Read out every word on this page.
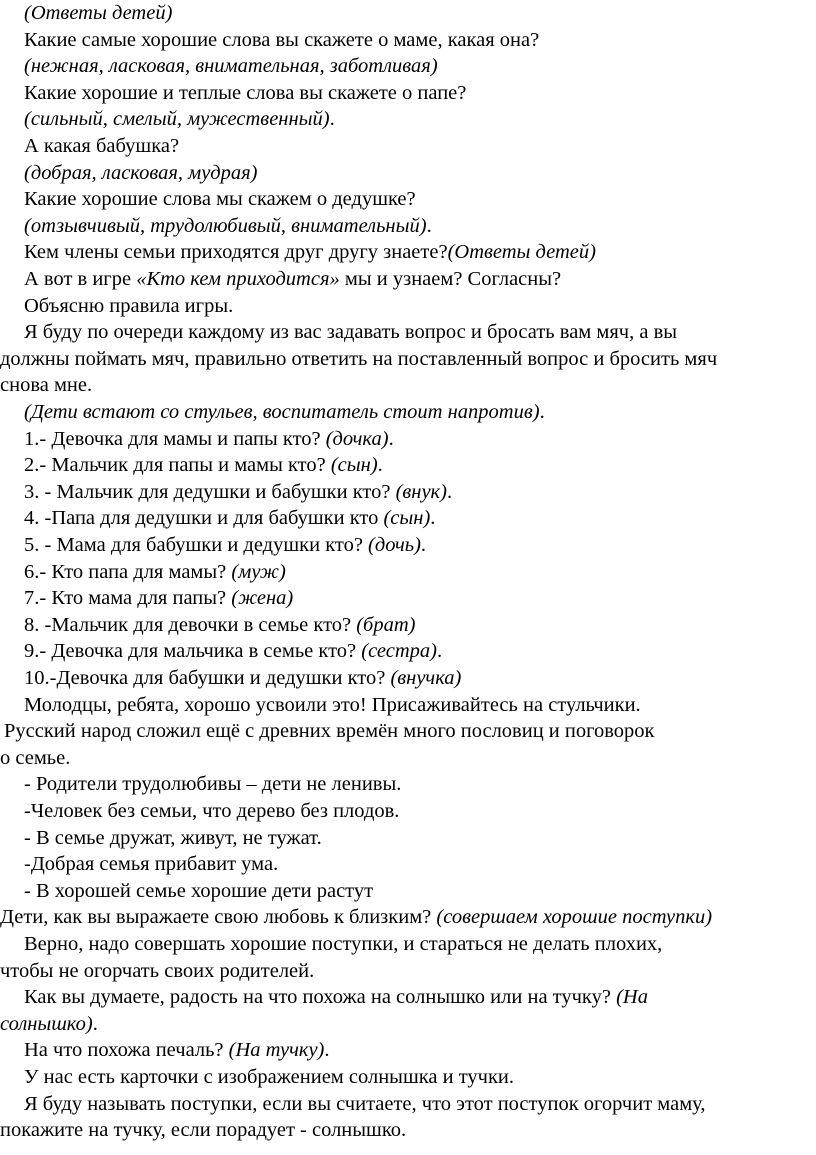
(Ответы детей)
Какие самые хорошие слова вы скажете о маме, какая она?
(нежная, ласковая, внимательная, заботливая)
Какие хорошие и теплые слова вы скажете о папе?
(сильный, смелый, мужественный).
А какая бабушка?
(добрая, ласковая, мудрая)
Какие хорошие слова мы скажем о дедушке?
(отзывчивый, трудолюбивый, внимательный).
Кем члены семьи приходятся друг другу знаете?(Ответы детей)
А вот в игре «Кто кем приходится» мы и узнаем? Согласны?
Объясню правила игры.
Я буду по очереди каждому из вас задавать вопрос и бросать вам мяч, а вы
должны поймать мяч, правильно ответить на поставленный вопрос и бросить мяч
снова мне.
(Дети встают со стульев, воспитатель стоит напротив).
1.- Девочка для мамы и папы кто? (дочка).
2.- Мальчик для папы и мамы кто? (сын).
3. - Мальчик для дедушки и бабушки кто? (внук).
4. -Папа для дедушки и для бабушки кто (сын).
5. - Мама для бабушки и дедушки кто? (дочь).
6.- Кто папа для мамы? (муж)
7.- Кто мама для папы? (жена)
8. -Мальчик для девочки в семье кто? (брат)
9.- Девочка для мальчика в семье кто? (сестра).
10.-Девочка для бабушки и дедушки кто? (внучка)
Молодцы, ребята, хорошо усвоили это! Присаживайтесь на стульчики.
Русский народ сложил ещё с древних времён много пословиц и поговорок
о семье.
- Родители трудолюбивы – дети не ленивы.
-Человек без семьи, что дерево без плодов.
- В семье дружат, живут, не тужат.
-Добрая семья прибавит ума.
- В хорошей семье хорошие дети растут
Дети, как вы выражаете свою любовь к близким? (совершаем хорошие поступки)
Верно, надо совершать хорошие поступки, и стараться не делать плохих,
чтобы не огорчать своих родителей.
Как вы думаете, радость на что похожа на солнышко или на тучку? (На
солнышко).
На что похожа печаль? (На тучку).
У нас есть карточки с изображением солнышка и тучки.
Я буду называть поступки, если вы считаете, что этот поступок огорчит маму,
покажите на тучку, если порадует - солнышко.
